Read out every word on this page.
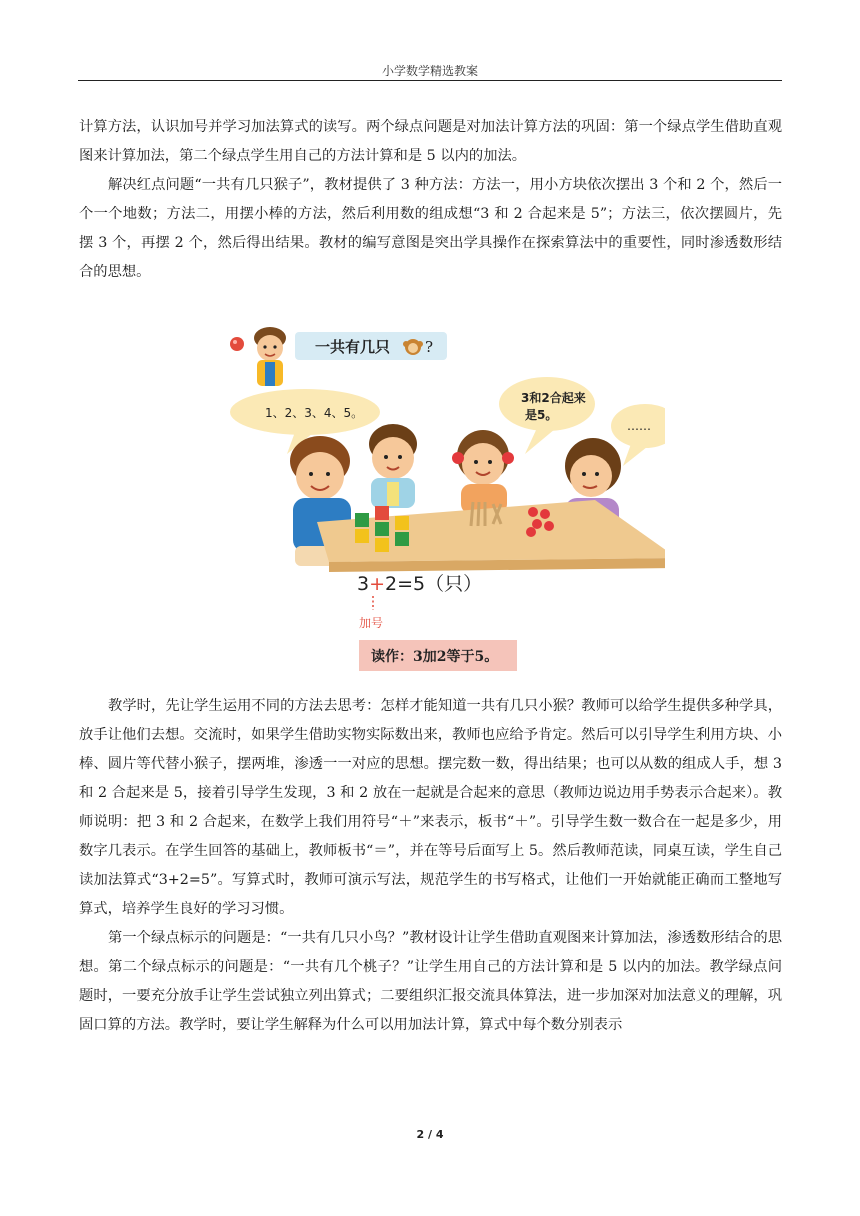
小学数学精选教案

计算方法，认识加号并学习加法算式的读写。两个绿点问题是对加法计算方法的巩固：第一个绿点学生借助直观图来计算加法，第二个绿点学生用自己的方法计算和是 5 以内的加法。

解决红点问题“一共有几只猴子”，教材提供了 3 种方法：方法一，用小方块依次摆出 3 个和 2 个，然后一个一个地数；方法二，用摆小棒的方法，然后利用数的组成想“3 和 2 合起来是 5”；方法三，依次摆圆片，先摆 3 个，再摆 2 个，然后得出结果。教材的编写意图是突出学具操作在探索算法中的重要性，同时渗透数形结合的思想。

一共有几只 ?
1、2、3、4、5。
3和2合起来
是5。
……
3+2=5（只）
加号
读作：3加2等于5。

教学时，先让学生运用不同的方法去思考：怎样才能知道一共有几只小猴？教师可以给学生提供多种学具，放手让他们去想。交流时，如果学生借助实物实际数出来，教师也应给予肯定。然后可以引导学生利用方块、小棒、圆片等代替小猴子，摆两堆，渗透一一对应的思想。摆完数一数，得出结果；也可以从数的组成人手，想 3 和 2 合起来是 5，接着引导学生发现，3 和 2 放在一起就是合起来的意思（教师边说边用手势表示合起来）。教师说明：把 3 和 2 合起来，在数学上我们用符号“＋”来表示，板书“＋”。引导学生数一数合在一起是多少，用数字几表示。在学生回答的基础上，教师板书“＝”，并在等号后面写上 5。然后教师范读，同桌互读，学生自己读加法算式“3+2=5”。写算式时，教师可演示写法，规范学生的书写格式，让他们一开始就能正确而工整地写算式，培养学生良好的学习习惯。

第一个绿点标示的问题是：“一共有几只小鸟？”教材设计让学生借助直观图来计算加法，渗透数形结合的思想。第二个绿点标示的问题是：“一共有几个桃子？”让学生用自己的方法计算和是 5 以内的加法。教学绿点问题时，一要充分放手让学生尝试独立列出算式；二要组织汇报交流具体算法，进一步加深对加法意义的理解，巩固口算的方法。教学时，要让学生解释为什么可以用加法计算，算式中每个数分别表示

2 / 4
